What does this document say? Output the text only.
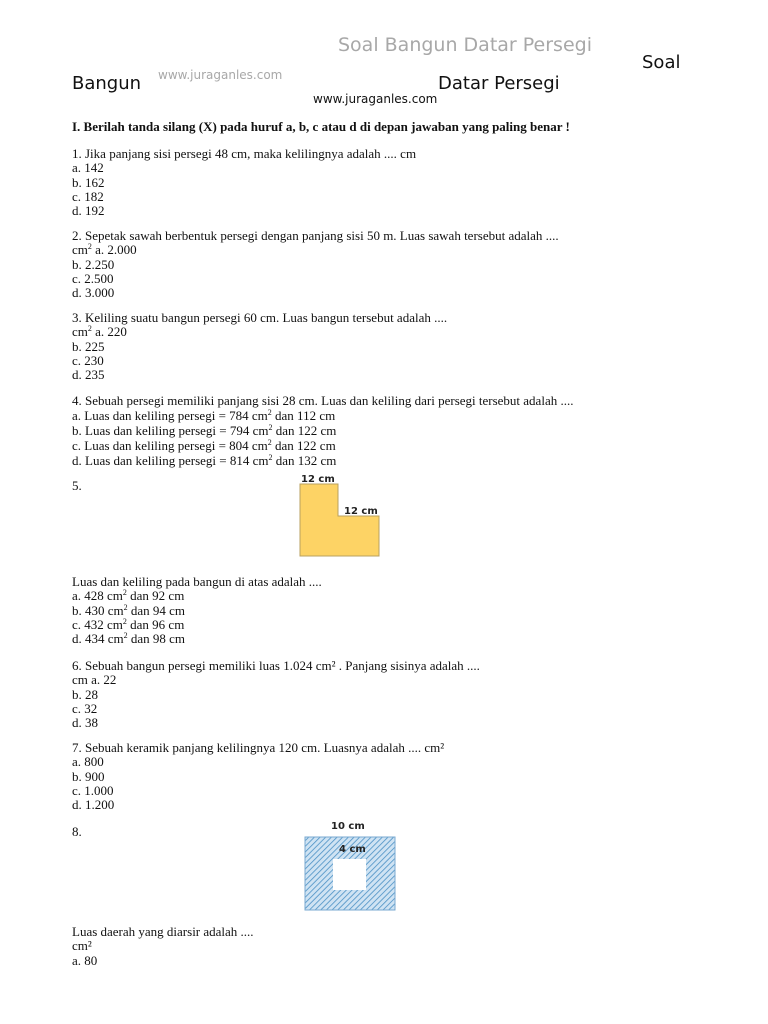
Soal Bangun Datar Persegi
Soal
Bangun www.juraganles.com	Datar Persegi
www.juraganles.com
I. Berilah tanda silang (X) pada huruf a, b, c atau d di depan jawaban yang paling benar !

1. Jika panjang sisi persegi 48 cm, maka kelilingnya adalah .... cm

a. 142

b. 162

c. 182

d. 192

2. Sepetak sawah berbentuk persegi dengan panjang sisi 50 m. Luas sawah tersebut adalah ....

$cm^2$ a. 2.000

b. 2.250

c. 2.500

d. 3.000

3. Keliling suatu bangun persegi 60 cm. Luas bangun tersebut adalah ....

$cm^2$ a. 220

b. 225

c. 230

d. 235

4. Sebuah persegi memiliki panjang sisi 28 cm. Luas dan keliling dari persegi tersebut adalah ....

a. Luas dan keliling persegi = 784 $cm^2$ dan 112 cm

b. Luas dan keliling persegi = 794 $cm^2$ dan 122 cm

c. Luas dan keliling persegi = 804 $cm^2$ dan 122 cm

d. Luas dan keliling persegi = 814 $cm^2$ dan 132 cm

5.	12 cm
12 cm

Luas dan keliling pada bangun di atas adalah ....

a. 428 $cm^2$ dan 92 cm

b. 430 $cm^2$ dan 94 cm

c. 432 $cm^2$ dan 96 cm

d. 434 $cm^2$ dan 98 cm

6. Sebuah bangun persegi memiliki luas 1.024 cm² . Panjang sisinya adalah ....

cm a. 22

b. 28

c. 32

d. 38

7. Sebuah keramik panjang kelilingnya 120 cm. Luasnya adalah .... cm²

a. 800

b. 900

c. 1.000

d. 1.200

8.	10 cm
4 cm

Luas daerah yang diarsir adalah ....

cm²

a. 80
